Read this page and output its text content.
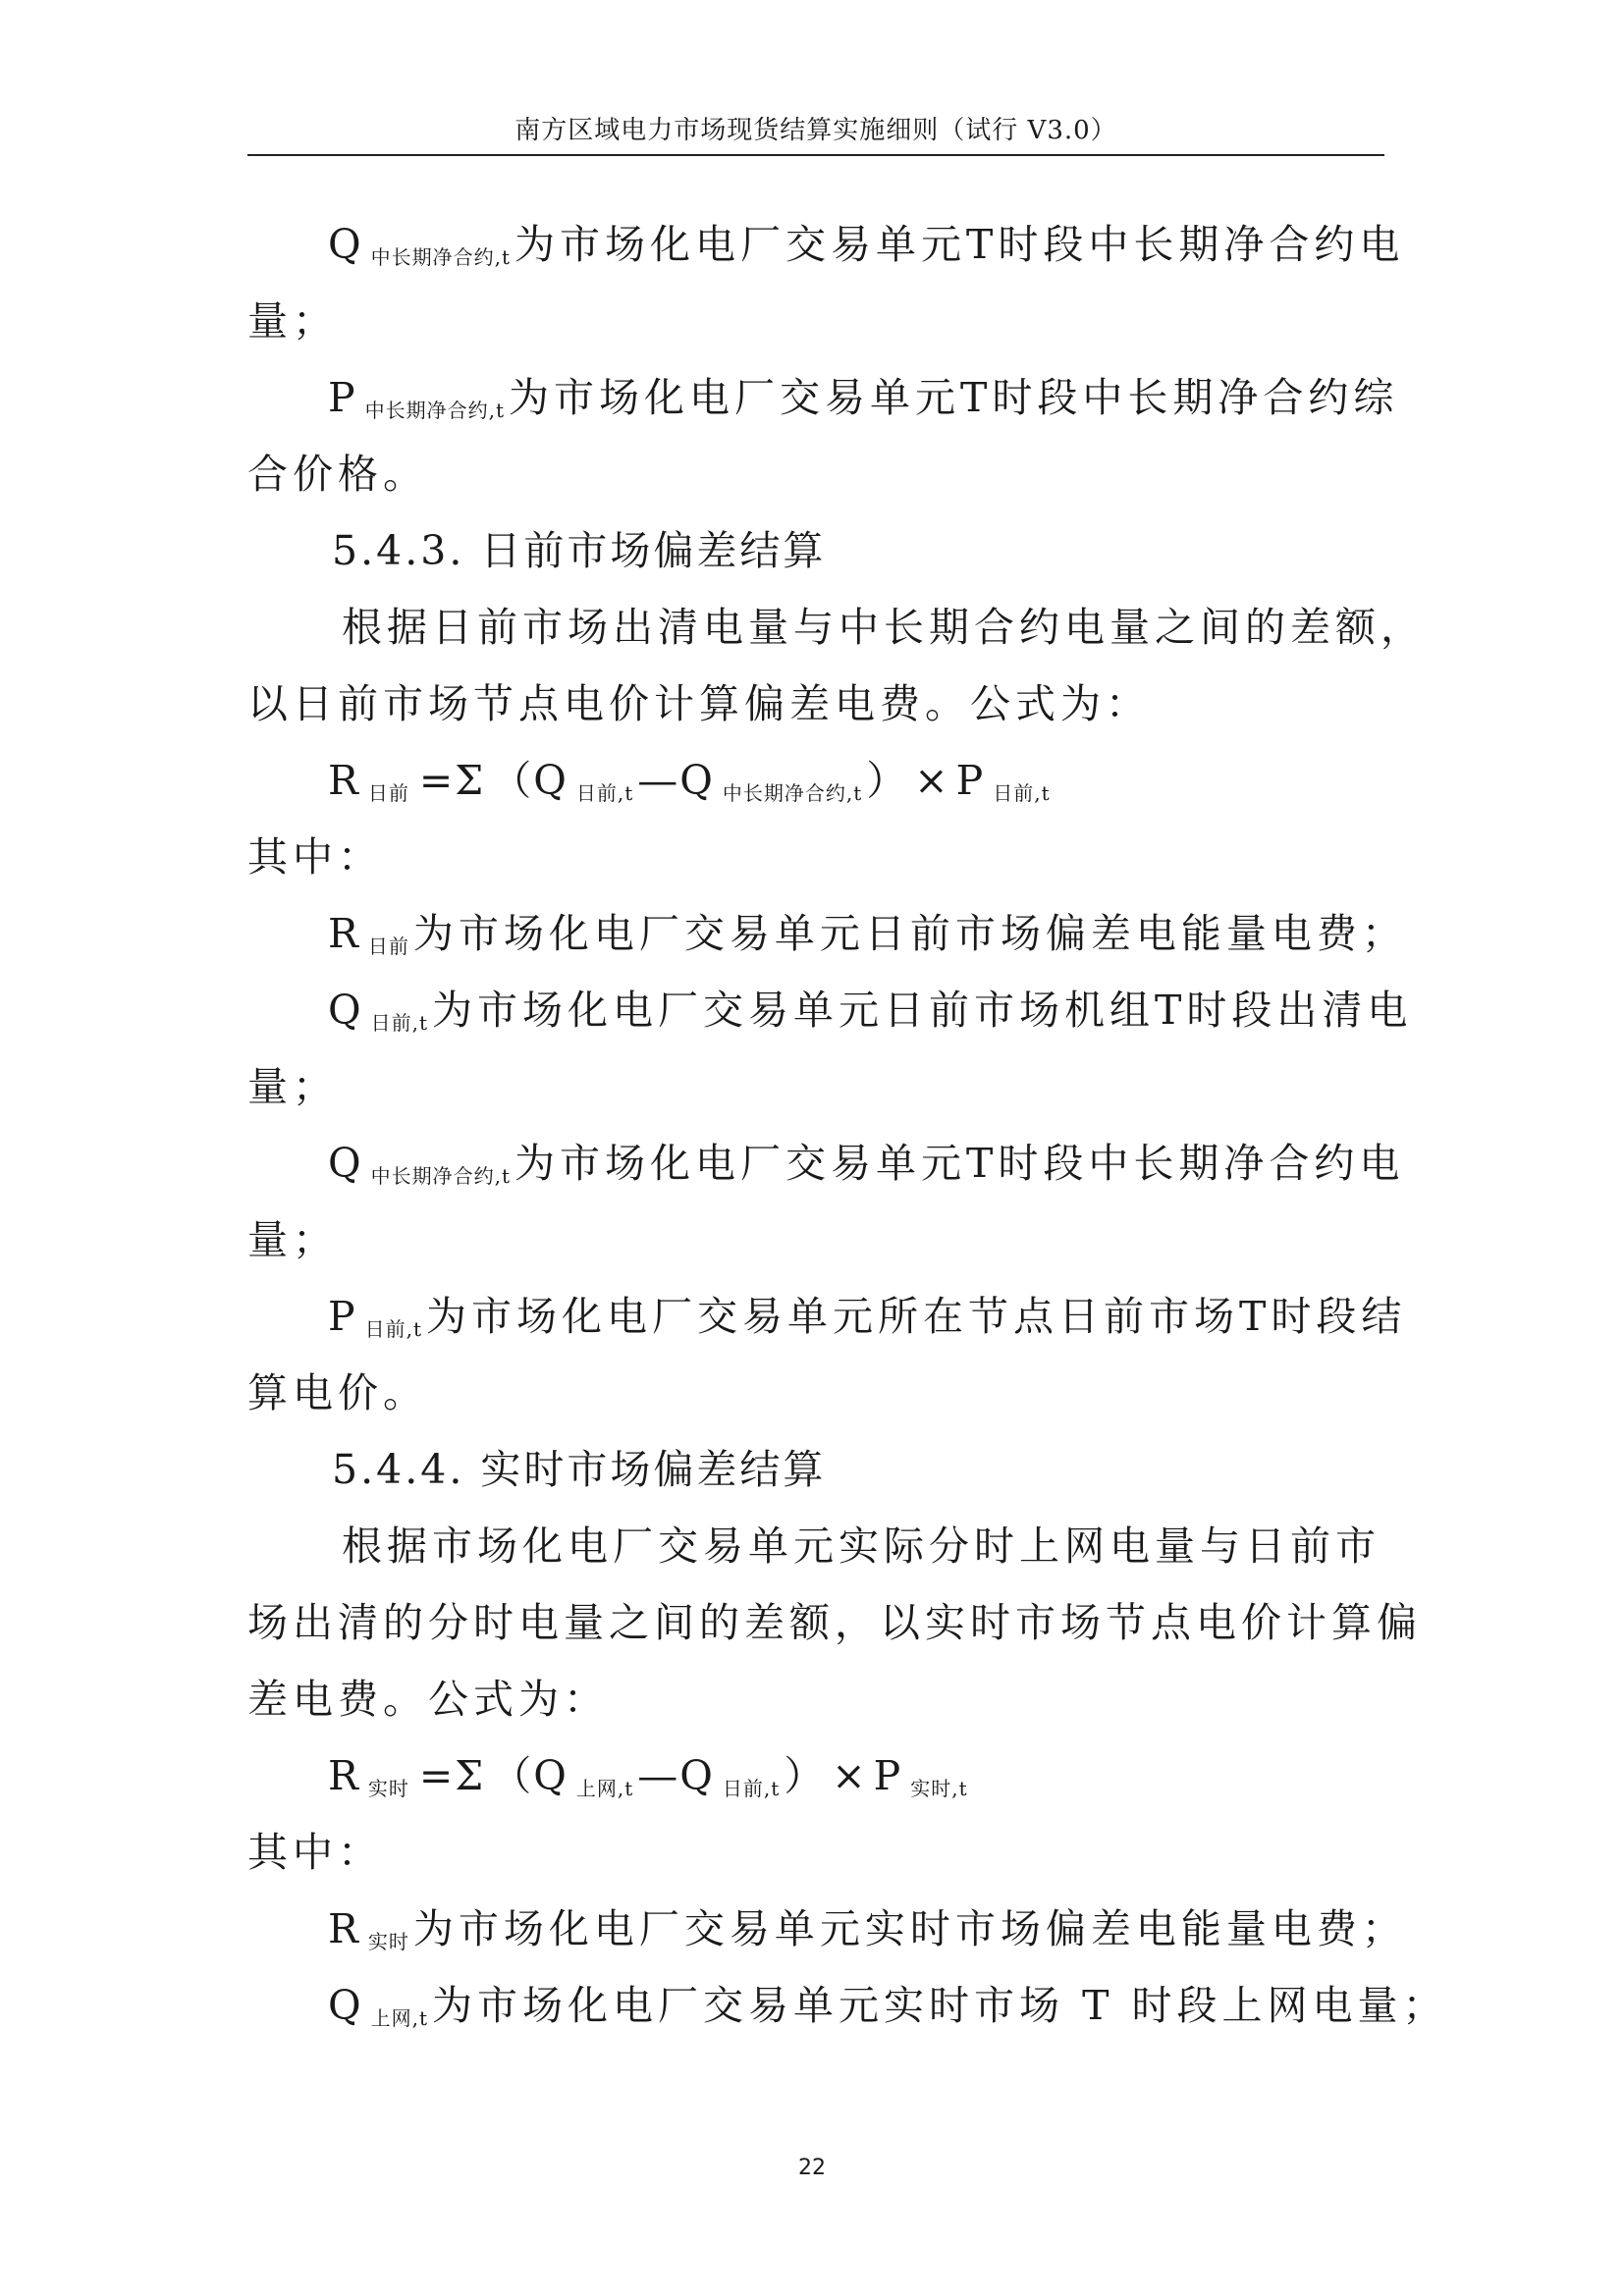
南方区域电力市场现货结算实施细则（试行 V3.0）
Q $_{中长期净合约,t}$为市场化电厂交易单元T时段中长期净合约电
量；
P $_{中长期净合约,t}$为市场化电厂交易单元T时段中长期净合约综
合价格。
5.4.3. 日前市场偏差结算
根据日前市场出清电量与中长期合约电量之间的差额，
以日前市场节点电价计算偏差电费。公式为：
R $_{日前}$ =Σ （Q $_{日前,t}$—Q $_{中长期净合约,t}$） × P $_{日前,t}$
其中：
R $_{日前}$为市场化电厂交易单元日前市场偏差电能量电费；
Q $_{日前,t}$为市场化电厂交易单元日前市场机组T时段出清电
量；
Q $_{中长期净合约,t}$为市场化电厂交易单元T时段中长期净合约电
量；
P $_{日前,t}$为市场化电厂交易单元所在节点日前市场T时段结
算电价。
5.4.4. 实时市场偏差结算
根据市场化电厂交易单元实际分时上网电量与日前市
场出清的分时电量之间的差额，以实时市场节点电价计算偏
差电费。公式为：
R $_{实时}$ =Σ （Q $_{上网,t}$—Q $_{日前,t}$） × P $_{实时,t}$
其中：
R $_{实时}$为市场化电厂交易单元实时市场偏差电能量电费；
Q $_{上网,t}$为市场化电厂交易单元实时市场 T 时段上网电量；
22
